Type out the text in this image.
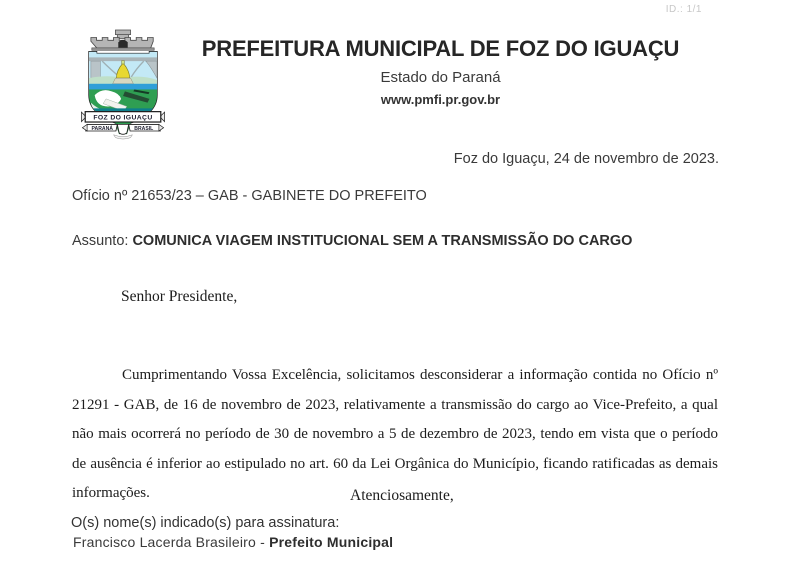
ID.: 1/1
FOZ DO IGUAÇU
PARANÁ	BRASIL
PREFEITURA MUNICIPAL DE FOZ DO IGUAÇU
Estado do Paraná
www.pmfi.pr.gov.br
Foz do Iguaçu, 24 de novembro de 2023.
Ofício nº 21653/23 – GAB - GABINETE DO PREFEITO
Assunto: COMUNICA VIAGEM INSTITUCIONAL SEM A TRANSMISSÃO DO CARGO
Senhor Presidente,
Cumprimentando Vossa Excelência, solicitamos desconsiderar a informação contida no Ofício nº 21291 - GAB, de 16 de novembro de 2023, relativamente a transmissão do cargo ao Vice-Prefeito, a qual não mais ocorrerá no período de 30 de novembro a 5 de dezembro de 2023, tendo em vista que o período de ausência é inferior ao estipulado no art. 60 da Lei Orgânica do Município, ficando ratificadas as demais informações.	Atenciosamente,
O(s) nome(s) indicado(s) para assinatura:
Francisco Lacerda Brasileiro - Prefeito Municipal
